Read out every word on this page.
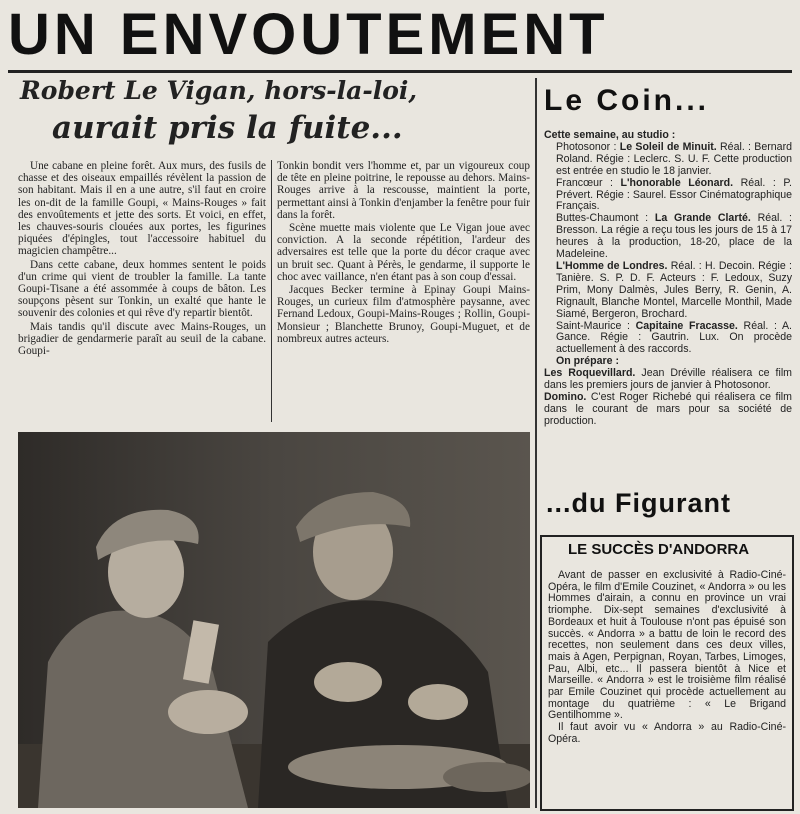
UN ENVOUTEMENT
Robert Le Vigan, hors-la-loi,
aurait pris la fuite...

Une cabane en pleine forêt. Aux murs, des fusils de chasse et des oiseaux empaillés révèlent la passion de son habitant. Mais il en a une autre, s'il faut en croire les on-dit de la famille Goupi, « Mains-Rouges » fait des envoûtements et jette des sorts. Et voici, en effet, les chauves-souris clouées aux portes, les figurines piquées d'épingles, tout l'accessoire habituel du magicien champêtre...

Dans cette cabane, deux hommes sentent le poids d'un crime qui vient de troubler la famille. La tante Goupi-Tisane a été assommée à coups de bâton. Les soupçons pèsent sur Tonkin, un exalté que hante le souvenir des colonies et qui rêve d'y repartir bientôt.

Mais tandis qu'il discute avec Mains-Rouges, un brigadier de gendarmerie paraît au seuil de la cabane. Goupi-

Tonkin bondit vers l'homme et, par un vigoureux coup de tête en pleine poitrine, le repousse au dehors. Mains-Rouges arrive à la rescousse, maintient la porte, permettant ainsi à Tonkin d'enjamber la fenêtre pour fuir dans la forêt.

Scène muette mais violente que Le Vigan joue avec conviction. A la seconde répétition, l'ardeur des adversaires est telle que la porte du décor craque avec un bruit sec. Quant à Pérès, le gendarme, il supporte le choc avec vaillance, n'en étant pas à son coup d'essai.

Jacques Becker termine à Epinay Goupi Mains-Rouges, un curieux film d'atmosphère paysanne, avec Fernand Ledoux, Goupi-Mains-Rouges ; Rollin, Goupi-Monsieur ; Blanchette Brunoy, Goupi-Muguet, et de nombreux autres acteurs.

Le Coin...

Cette semaine, au studio :

Photosonor : Le Soleil de Minuit. Réal. : Bernard Roland. Régie : Leclerc. S. U. F. Cette production est entrée en studio le 18 janvier.

Francœur : L'honorable Léonard. Réal. : P. Prévert. Régie : Saurel. Essor Cinématographique Français.

Buttes-Chaumont : La Grande Clarté. Réal. : Bresson. La régie a reçu tous les jours de 15 à 17 heures à la production, 18-20, place de la Madeleine.

L'Homme de Londres. Réal. : H. Decoin. Régie : Tanière. S. P. D. F. Acteurs : F. Ledoux, Suzy Prim, Mony Dalmès, Jules Berry, R. Genin, A. Rignault, Blanche Montel, Marcelle Monthil, Made Siamé, Bergeron, Brochard.

Saint-Maurice : Capitaine Fracasse. Réal. : A. Gance. Régie : Gautrin. Lux. On procède actuellement à des raccords.

On prépare :

Les Roquevillard. Jean Dréville réalisera ce film dans les premiers jours de janvier à Photosonor.

Domino. C'est Roger Richebé qui réalisera ce film dans le courant de mars pour sa société de production.

...du Figurant
LE SUCCÈS D'ANDORRA

Avant de passer en exclusivité à Radio-Ciné-Opéra, le film d'Emile Couzinet, « Andorra » ou les Hommes d'airain, a connu en province un vrai triomphe. Dix-sept semaines d'exclusivité à Bordeaux et huit à Toulouse n'ont pas épuisé son succès. « Andorra » a battu de loin le record des recettes, non seulement dans ces deux villes, mais à Agen, Perpignan, Royan, Tarbes, Limoges, Pau, Albi, etc... Il passera bientôt à Nice et Marseille. « Andorra » est le troisième film réalisé par Emile Couzinet qui procède actuellement au montage du quatrième : « Le Brigand Gentilhomme ».

Il faut avoir vu « Andorra » au Radio-Ciné-Opéra.
